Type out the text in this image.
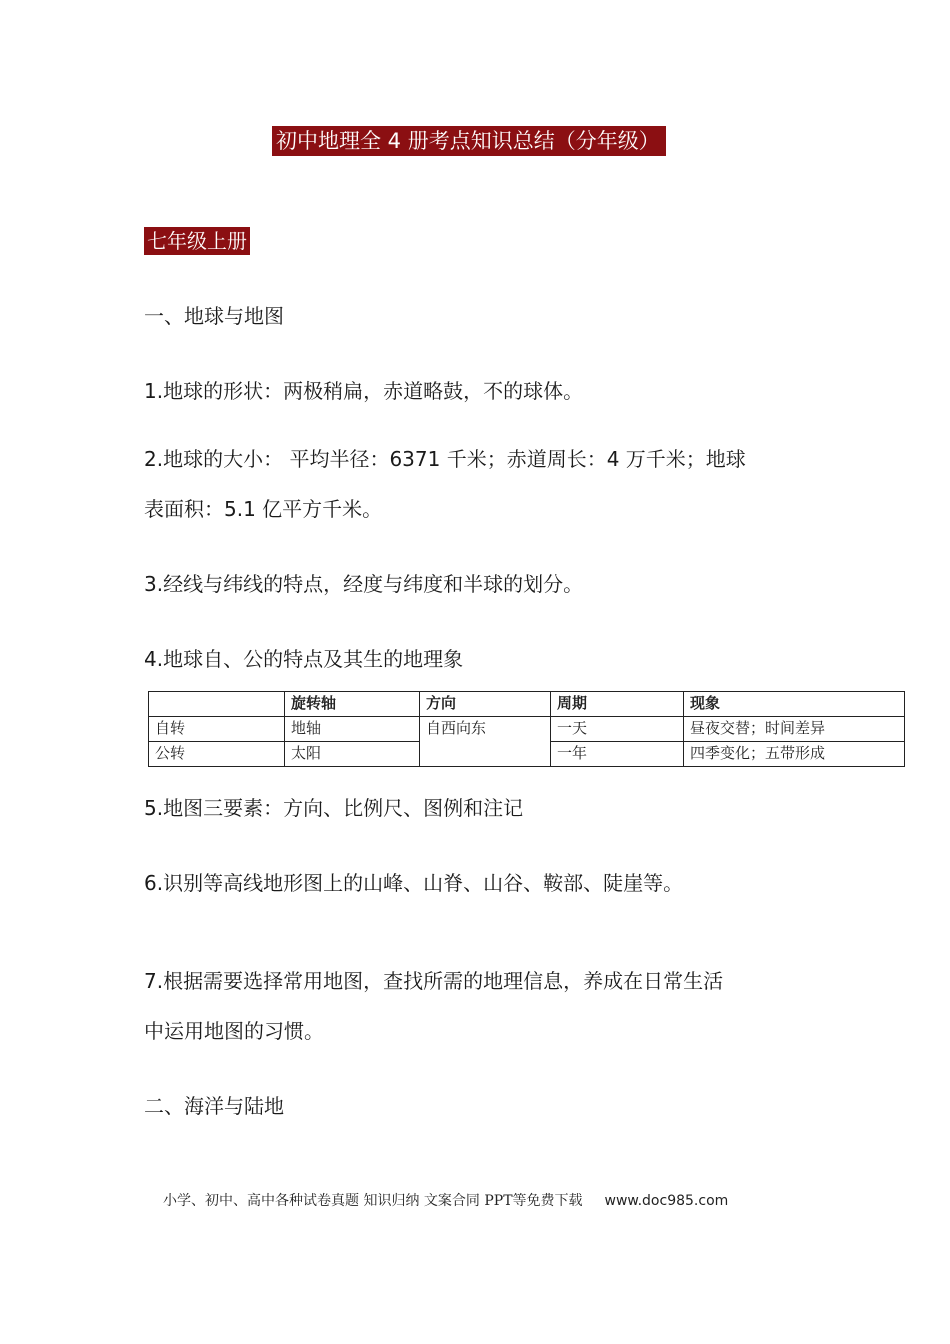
初中地理全 4 册考点知识总结（分年级）
七年级上册
一、地球与地图
1.地球的形状：两极稍扁，赤道略鼓，不的球体。
2.地球的大小： 平均半径：6371 千米；赤道周长：4 万千米；地球
表面积：5.1 亿平方千米。
3.经线与纬线的特点，经度与纬度和半球的划分。
4.地球自、公的特点及其生的地理象
	旋转轴	方向	周期	现象
自转	地轴	自西向东	一天	昼夜交替；时间差异
公转	太阳		一年	四季变化；五带形成
5.地图三要素：方向、比例尺、图例和注记
6.识别等高线地形图上的山峰、山脊、山谷、鞍部、陡崖等。
7.根据需要选择常用地图，查找所需的地理信息，养成在日常生活
中运用地图的习惯。
二、海洋与陆地
小学、初中、高中各种试卷真题 知识归纳 文案合同 PPT等免费下载 www.doc985.com
